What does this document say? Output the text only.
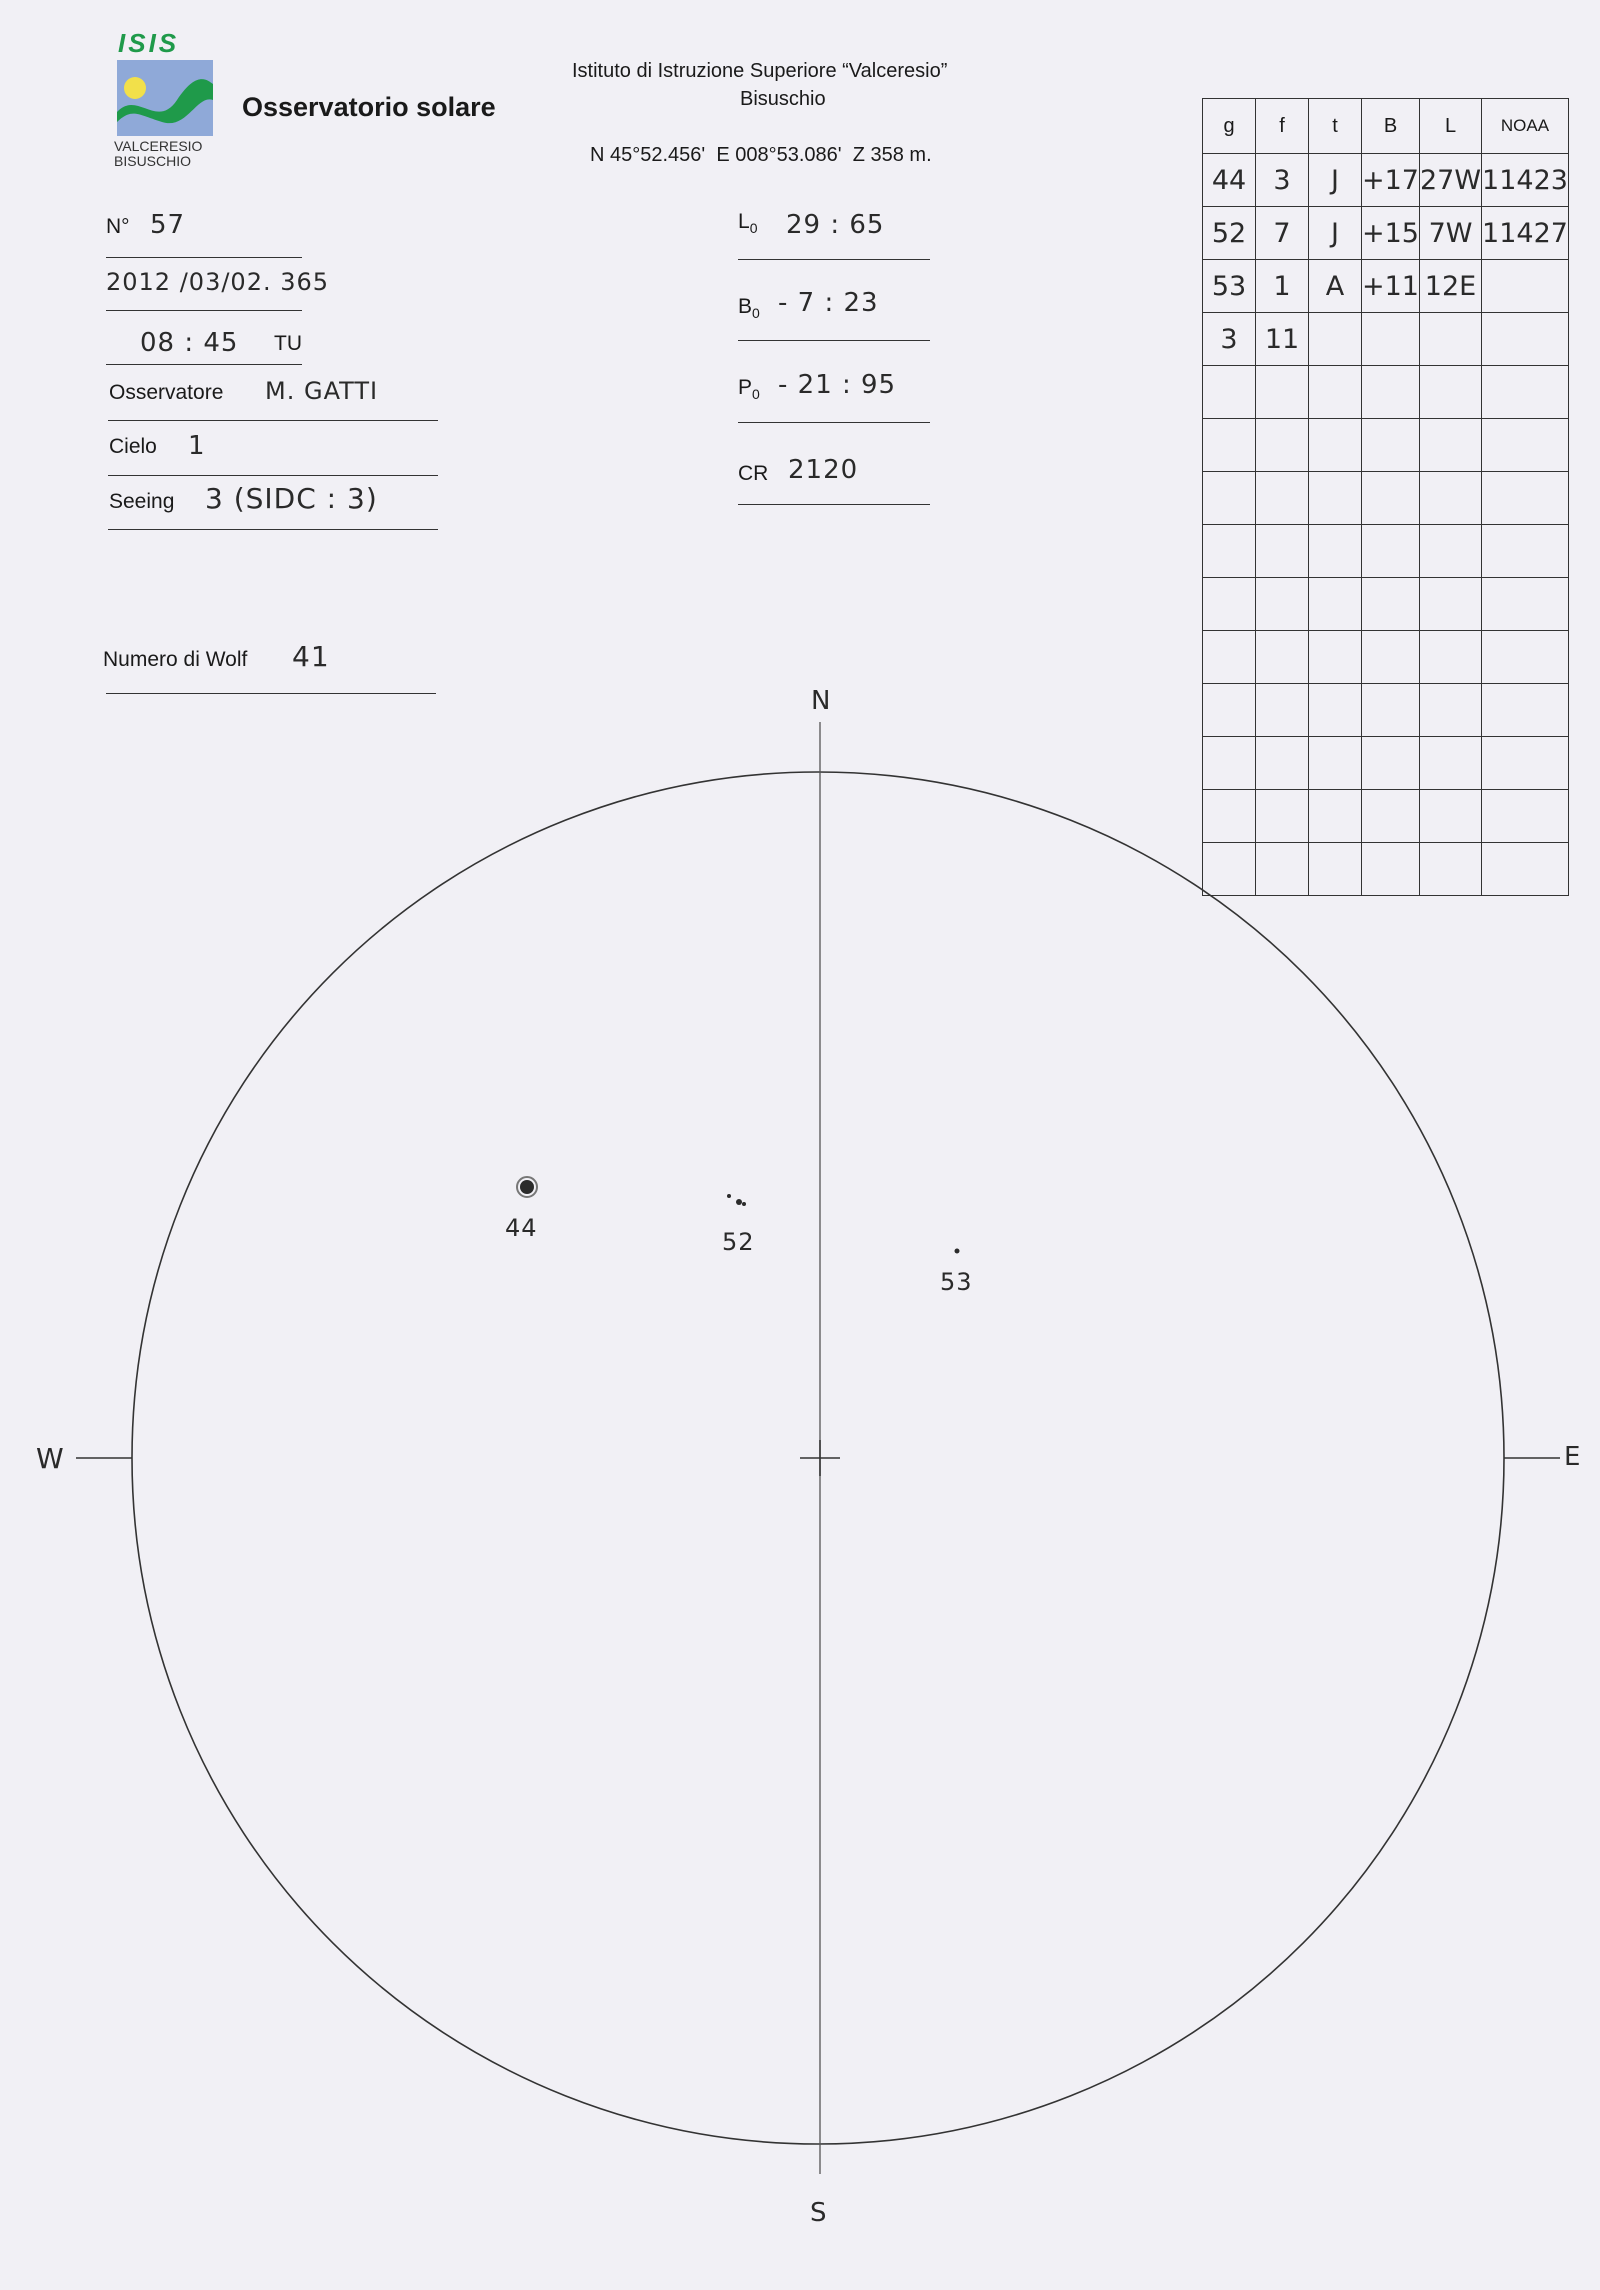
ISIS
VALCERESIO
BISUSCHIO
Osservatorio solare
Istituto di Istruzione Superiore “Valceresio”
Bisuschio
N 45°52.456'  E 008°53.086'  Z 358 m.
N° 57
2012 /03/02. 365
08 : 45 TU
Osservatore M. GATTI
Cielo 1
Seeing 3 (SIDC : 3)
Numero di Wolf 41
$L_0$ 29 : 65
$B_0 - 7$ : 23
$P_0 - 21$ : 95
CR 2120
g	f	t	B	L	NOAA
44	3	J	+17	27W	11423
52	7	J	+15	7W	11427
53	1	A	+11	12E	
3	11				

N
S
W	E
44	52
53
